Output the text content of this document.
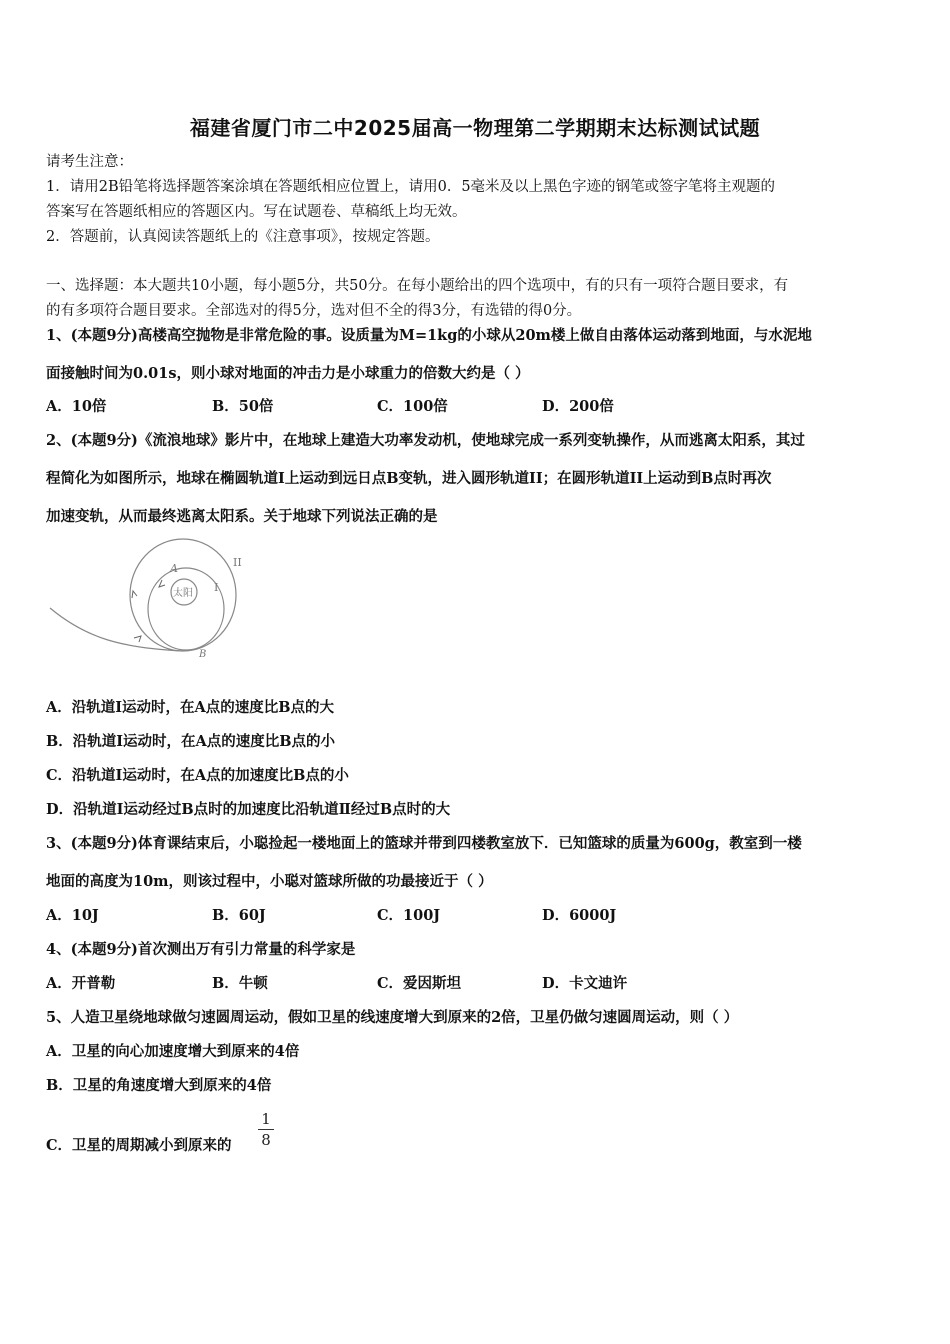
福建省厦门市二中2025届高一物理第二学期期末达标测试试题
请考生注意：
1．请用2B铅笔将选择题答案涂填在答题纸相应位置上，请用0．5毫米及以上黑色字迹的钢笔或签字笔将主观题的
答案写在答题纸相应的答题区内。写在试题卷、草稿纸上均无效。
2．答题前，认真阅读答题纸上的《注意事项》，按规定答题。
一、选择题：本大题共10小题，每小题5分，共50分。在每小题给出的四个选项中，有的只有一项符合题目要求，有
的有多项符合题目要求。全部选对的得5分，选对但不全的得3分，有选错的得0分。
1、(本题9分)高楼高空抛物是非常危险的事。设质量为M=1kg的小球从20m楼上做自由落体运动落到地面，与水泥地
面接触时间为0.01s，则小球对地面的冲击力是小球重力的倍数大约是（ ）
A．10倍	B．50倍	C．100倍	D．200倍
2、(本题9分)《流浪地球》影片中，在地球上建造大功率发动机，使地球完成一系列变轨操作，从而逃离太阳系，其过
程简化为如图所示，地球在椭圆轨道I上运动到远日点B变轨，进入圆形轨道II；在圆形轨道II上运动到B点时再次
加速变轨，从而最终逃离太阳系。关于地球下列说法正确的是
太阳
A
B
I
II
A．沿轨道I运动时，在A点的速度比B点的大
B．沿轨道I运动时，在A点的速度比B点的小
C．沿轨道I运动时，在A点的加速度比B点的小
D．沿轨道I运动经过B点时的加速度比沿轨道Ⅱ经过B点时的大
3、(本题9分)体育课结束后，小聪捡起一楼地面上的篮球并带到四楼教室放下．已知篮球的质量为600g，教室到一楼
地面的高度为10m，则该过程中，小聪对篮球所做的功最接近于（ ）
A．10J	B．60J	C．100J	D．6000J
4、(本题9分)首次测出万有引力常量的科学家是
A．开普勒	B．牛顿	C．爱因斯坦	D．卡文迪许
5、人造卫星绕地球做匀速圆周运动，假如卫星的线速度增大到原来的2倍，卫星仍做匀速圆周运动，则（ ）
A．卫星的向心加速度增大到原来的4倍
B．卫星的角速度增大到原来的4倍
C．卫星的周期减小到原来的
1
8
